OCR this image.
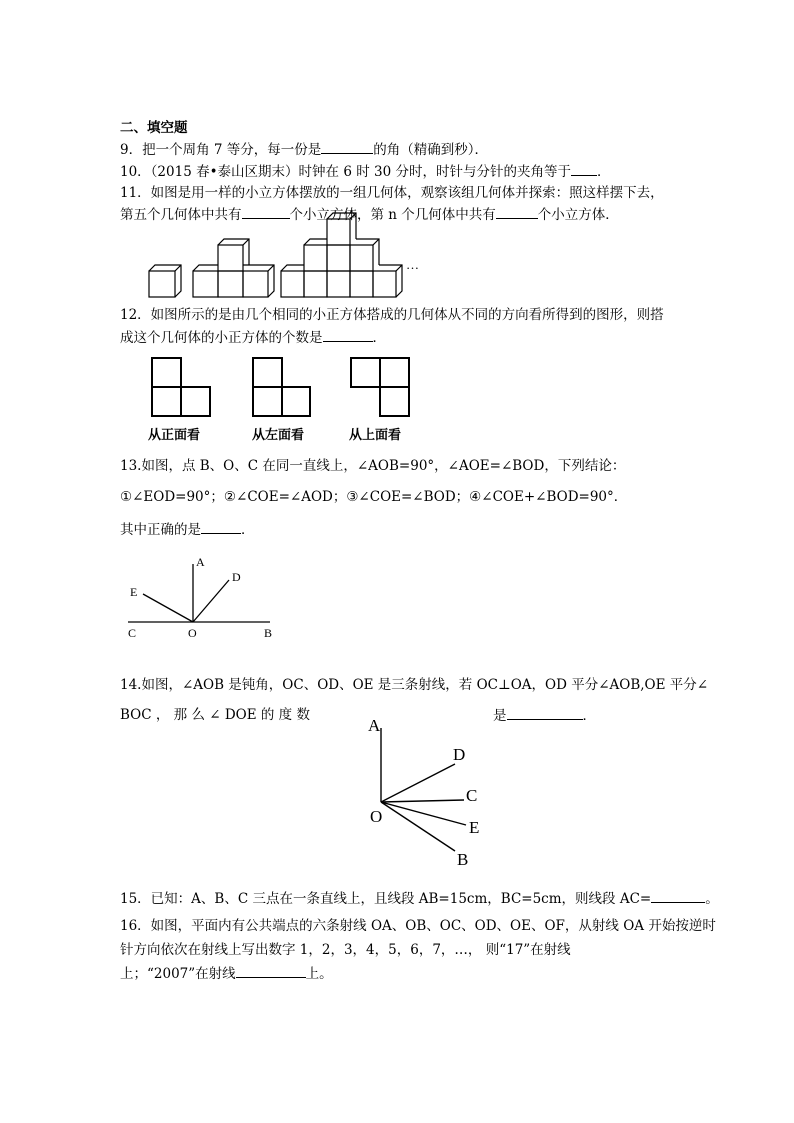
二、填空题
9．把一个周角 7 等分，每一份是	的角（精确到秒）．
10．（2015 春•泰山区期末）时钟在 6 时 30 分时，时针与分针的夹角等于 ．
11．如图是用一样的小立方体摆放的一组几何体，观察该组几何体并探索：照这样摆下去，
第五个几何体中共有	个小立方体，第 n 个几何体中共有	个小立方体．
…
12．如图所示的是由几个相同的小正方体搭成的几何体从不同的方向看所得到的图形，则搭
成这个几何体的小正方体的个数是	．
从正面看	从左面看	从上面看
13.如图，点 B、O、C 在同一直线上，∠AOB=90°，∠AOE=∠BOD，下列结论：
①∠EOD=90°；②∠COE=∠AOD；③∠COE=∠BOD；④∠COE+∠BOD=90°．
其中正确的是	．
A
D
E
C	O	B
14.如图，∠AOB 是钝角，OC、OD、OE 是三条射线，若 OC⊥OA，OD 平分∠AOB,OE 平分∠
BOC ， 那 么 ∠ DOE 的 度 数	是	．
A
D
C
O
E
B
15．已知：A、B、C 三点在一条直线上，且线段 AB=15cm，BC=5cm，则线段 AC=	。
16．如图，平面内有公共端点的六条射线 OA、OB、OC、OD、OE、OF，从射线 OA 开始按逆时
针方向依次在射线上写出数字 1，2，3，4，5，6，7，…， 则“17”在射线
上；“2007”在射线	上。
